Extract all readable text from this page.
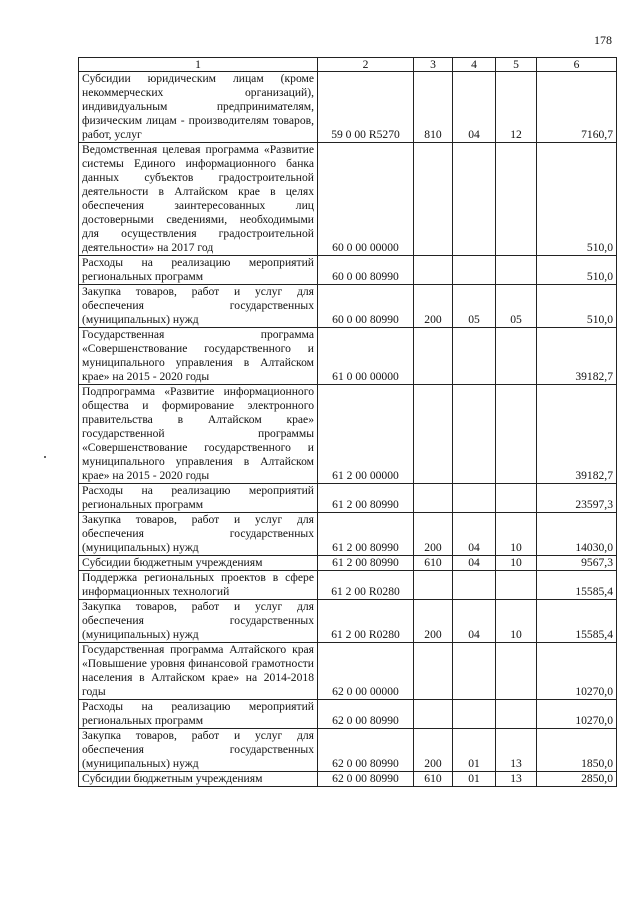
178
1	2	3	4	5	6
Субсидии юридическим лицам (кроме некоммерческих организаций), индивидуальным предпринимателям, физическим лицам - производителям товаров, работ, услуг	59 0 00 R5270	810	04	12	7160,7
Ведомственная целевая программа «Развитие системы Единого информационного банка данных субъектов градостроительной деятельности в Алтайском крае в целях обеспечения заинтересованных лиц достоверными сведениями, необходимыми для осуществления градостроительной деятельности» на 2017 год	60 0 00 00000				510,0
Расходы на реализацию мероприятий региональных программ	60 0 00 80990				510,0
Закупка товаров, работ и услуг для обеспечения государственных (муниципальных) нужд	60 0 00 80990	200	05	05	510,0
Государственная программа «Совершенствование государственного и муниципального управления в Алтайском крае» на 2015 - 2020 годы	61 0 00 00000				39182,7
Подпрограмма «Развитие информационного общества и формирование электронного правительства в Алтайском крае» государственной программы «Совершенствование государственного и муниципального управления в Алтайском крае» на 2015 - 2020 годы	61 2 00 00000				39182,7
Расходы на реализацию мероприятий региональных программ	61 2 00 80990				23597,3
Закупка товаров, работ и услуг для обеспечения государственных (муниципальных) нужд	61 2 00 80990	200	04	10	14030,0
Субсидии бюджетным учреждениям	61 2 00 80990	610	04	10	9567,3
Поддержка региональных проектов в сфере информационных технологий	61 2 00 R0280				15585,4
Закупка товаров, работ и услуг для обеспечения государственных (муниципальных) нужд	61 2 00 R0280	200	04	10	15585,4
Государственная программа Алтайского края «Повышение уровня финансовой грамотности населения в Алтайском крае» на 2014-2018 годы	62 0 00 00000				10270,0
Расходы на реализацию мероприятий региональных программ	62 0 00 80990				10270,0
Закупка товаров, работ и услуг для обеспечения государственных (муниципальных) нужд	62 0 00 80990	200	01	13	1850,0
Субсидии бюджетным учреждениям	62 0 00 80990	610	01	13	2850,0
